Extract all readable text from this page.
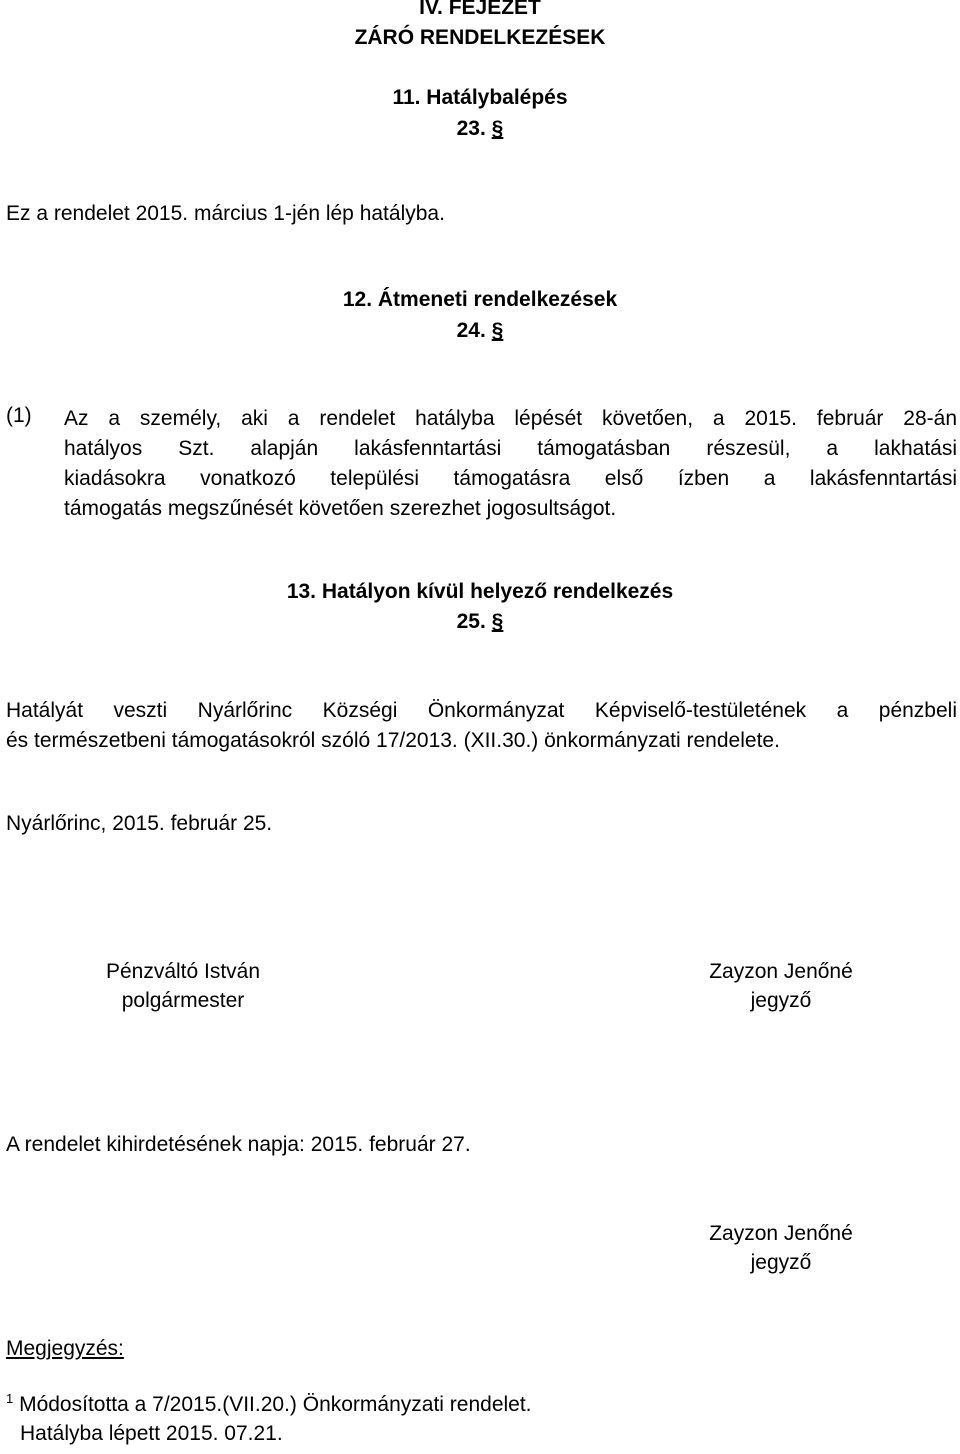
IV. FEJEZET
ZÁRÓ RENDELKEZÉSEK
11. Hatálybalépés
23. §
Ez a rendelet 2015. március 1-jén lép hatályba.
12. Átmeneti rendelkezések
24. §
(1) Az a személy, aki a rendelet hatályba lépését követően, a 2015. február 28-án
hatályos Szt. alapján lakásfenntartási támogatásban részesül, a lakhatási
kiadásokra vonatkozó települési támogatásra első ízben a lakásfenntartási
támogatás megszűnését követően szerezhet jogosultságot.
13. Hatályon kívül helyező rendelkezés
25. §
Hatályát veszti Nyárlőrinc Községi Önkormányzat Képviselő-testületének a pénzbeli
és természetbeni támogatásokról szóló 17/2013. (XII.30.) önkormányzati rendelete.
Nyárlőrinc, 2015. február 25.
Pénzváltó István
polgármester
Zayzon Jenőné
jegyző
A rendelet kihirdetésének napja: 2015. február 27.
Zayzon Jenőné
jegyző
Megjegyzés:
$^1$ Módosította a 7/2015.(VII.20.) Önkormányzati rendelet.
Hatályba lépett 2015. 07.21.
